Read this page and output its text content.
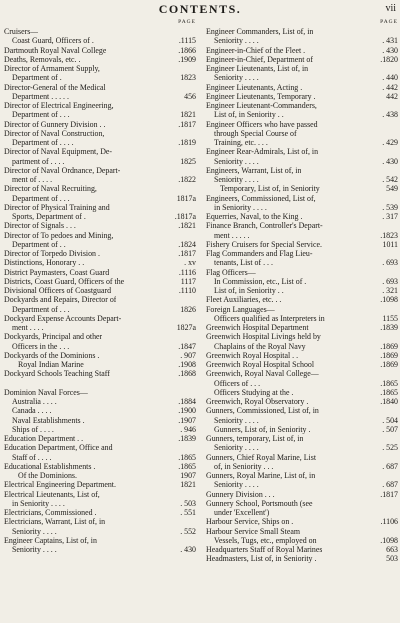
CONTENTS.	vii
PAGE
Cruisers—
Coast Guard, Officers of .	.1115
Dartmouth Royal Naval College	.1866
Deaths, Removals, etc. .	.1909
Director of Armament Supply,
Department of .	1823
Director-General of the Medical
Department . . . . .	456
Director of Electrical Engineering,
Department of . . .	1821
Director of Gunnery Division . .	.1817
Director of Naval Construction,
Department of . . . .	.1819
Director of Naval Equipment, De-
partment of . . . .	1825
Director of Naval Ordnance, Depart-
ment of . . . .	.1822
Director of Naval Recruiting,
Department of . . .	1817a
Director of Physical Training and
Sports, Department of .	.1817a
Director of Signals . . .	.1821
Director of To pedoes and Mining,
Department of . .	.1824
Director of Torpedo Division .	.1817
Distinctions, Honorary . .	. xv
District Paymasters, Coast Guard	.1116
Districts, Coast Guard, Officers of the	1117
Divisional Officers of Coastguard	.1110
Dockyards and Repairs, Director of
Department of . . .	1826
Dockyard Expense Accounts Depart-
ment . . . .	1827a
Dockyards, Principal and other
Officers in the . . .	.1847
Dockyards of the Dominions .	. 907
Royal Indian Marine	.1908
Dockyard Schools Teaching Staff	.1868
Dominion Naval Forces—
Australia . . . .	.1884
Canada . . . .	.1900
Naval Establishments .	.1907
Ships of . . . .	. 946
Education Department . .	.1839
Education Department, Office and
Staff of . . . .	.1865
Educational Establishments .	.1865
Of the Dominions.	1907
Electrical Engineering Department.	1821
Electrical Lieutenants, List of,
in Seniority . . . .	. 503
Electricians, Commissioned .	. 551
Electricians, Warrant, List of, in
Seniority . . . .	. 552
Engineer Captains, List of, in
Seniority . . . .	. 430
PAGE
Engineer Commanders, List of, in
Seniority . . . .	. 431
Engineer-in-Chief of the Fleet .	. 430
Engineer-in-Chief, Department of	.1820
Engineer Lieutenants, List of, in
Seniority . . . .	. 440
Engineer Lieutenants, Acting .	. 442
Engineer Lieutenants, Temporary .	442
Engineer Lieutenant-Commanders,
List of, in Seniority . .	. 438
Engineer Officers who have passed
through Special Course of
Training, etc. . . .	. 429
Engineer Rear-Admirals, List of, in
Seniority . . . .	. 430
Engineers, Warrant, List of, in
Seniority . . . .	. 542
Temporary, List of, in Seniority	549
Engineers, Commissioned, List of,
in Seniority . . . .	. 539
Equerries, Naval, to the King .	. 317
Finance Branch, Controller's Depart-
ment . . . . .	.1823
Fishery Cruisers for Special Service.	1011
Flag Commanders and Flag Lieu-
tenants, List of . . .	. 693
Flag Officers—
In Commission, etc., List of .	. 693
List of, in Seniority . .	. 321
Fleet Auxiliaries, etc. . .	.1098
Foreign Languages—
Officers qualified as Interpreters in	1155
Greenwich Hospital Department	.1839
Greenwich Hospital Livings held by
Chaplains of the Royal Navy	.1869
Greenwich Royal Hospital . .	.1869
Greenwich Royal Hospital School	.1869
Greenwich, Royal Naval College—
Officers of . . .	.1865
Officers Studying at the .	.1865
Greenwich, Royal Observatory .	.1840
Gunners, Commissioned, List of, in
Seniority . . . .	. 504
Gunners, List of, in Seniority .	. 507
Gunners, temporary, List of, in
Seniority . . . .	. 525
Gunners, Chief Royal Marine, List
of, in Seniority . . .	. 687
Gunners, Royal Marine, List of, in
Seniority . . . .	. 687
Gunnery Division . . .	.1817
Gunnery School, Portsmouth (see
under 'Excellent')
Harbour Service, Ships on .	.1106
Harbour Service Small Steam
Vessels, Tugs, etc., employed on	.1098
Headquarters Staff of Royal Marines	663
Headmasters, List of, in Seniority .	503
